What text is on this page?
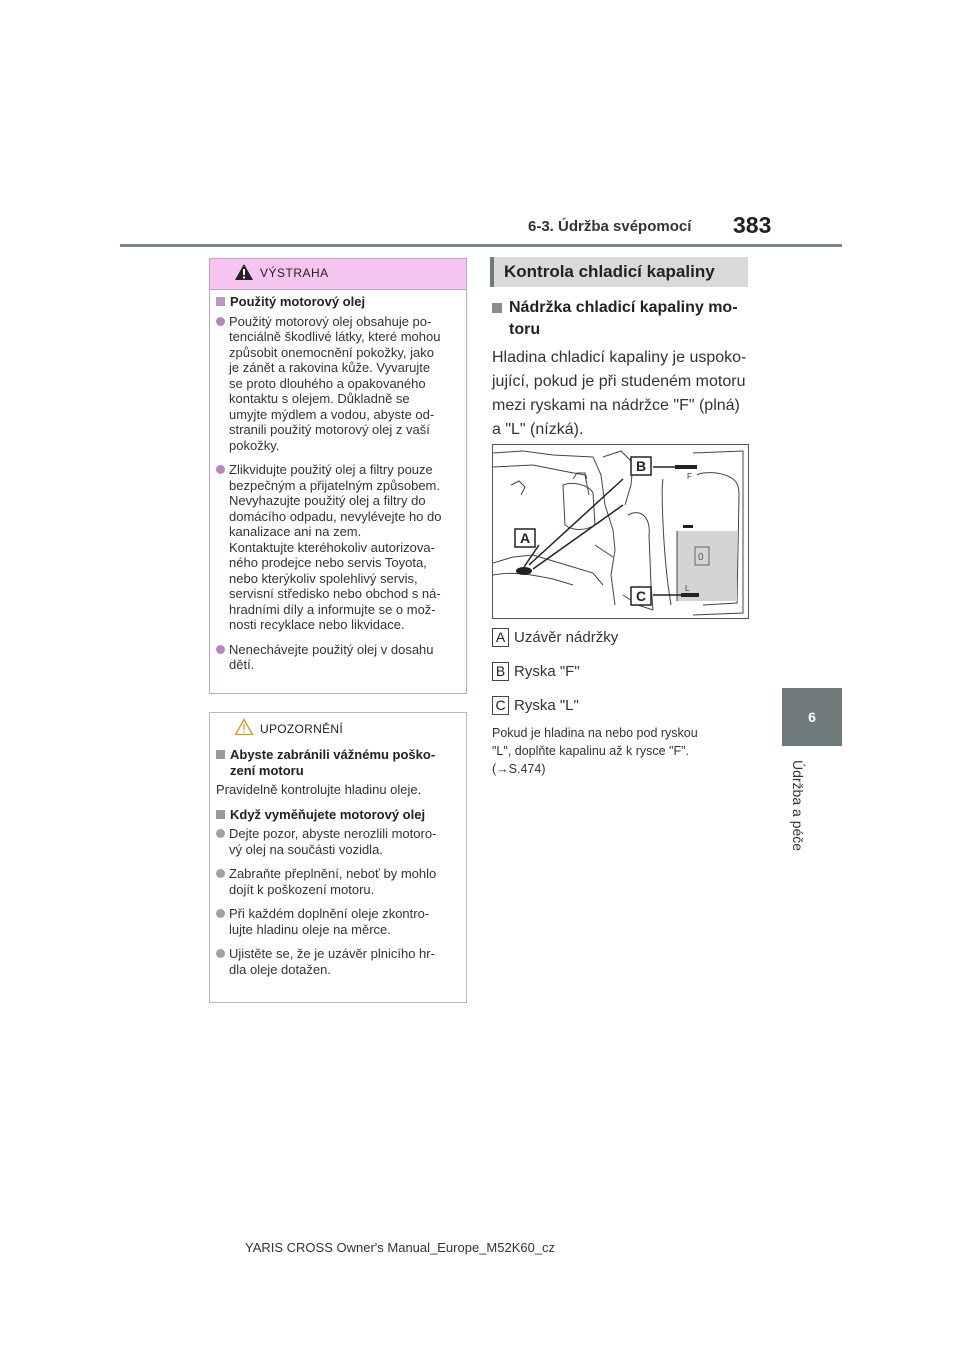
6-3. Údržba svépomocí 383
6
Údržba a péče
VÝSTRAHA
Použitý motorový olej
Použitý motorový olej obsahuje po-
tenciálně škodlivé látky, které mohou
způsobit onemocnění pokožky, jako
je zánět a rakovina kůže. Vyvarujte
se proto dlouhého a opakovaného
kontaktu s olejem. Důkladně se
umyjte mýdlem a vodou, abyste od-
stranili použitý motorový olej z vaší
pokožky.
Zlikvidujte použitý olej a filtry pouze
bezpečným a přijatelným způsobem.
Nevyhazujte použitý olej a filtry do
domácího odpadu, nevylévejte ho do
kanalizace ani na zem.
Kontaktujte kteréhokoliv autorizova-
ného prodejce nebo servis Toyota,
nebo kterýkoliv spolehlivý servis,
servisní středisko nebo obchod s ná-
hradními díly a informujte se o mož-
nosti recyklace nebo likvidace.
Nenechávejte použitý olej v dosahu
dětí.
UPOZORNĚNÍ
Abyste zabránili vážnému poško-
zení motoru
Pravidelně kontrolujte hladinu oleje.
Když vyměňujete motorový olej
Dejte pozor, abyste nerozlili motoro-
vý olej na součásti vozidla.
Zabraňte přeplnění, neboť by mohlo
dojít k poškození motoru.
Při každém doplnění oleje zkontro-
lujte hladinu oleje na měrce.
Ujistěte se, že je uzávěr plnicího hr-
dla oleje dotažen.
Kontrola chladicí kapaliny
Nádržka chladicí kapaliny mo-
toru
Hladina chladicí kapaliny je uspoko-
jující, pokud je při studeném motoru
mezi ryskami na nádržce "F" (plná)
a "L" (nízká).
F
L
0
A
B
C
A Uzávěr nádržky
B Ryska "F"
C Ryska "L"
Pokud je hladina na nebo pod ryskou
"L", doplňte kapalinu až k rysce "F".
(→S.474)
YARIS CROSS Owner's Manual_Europe_M52K60_cz
